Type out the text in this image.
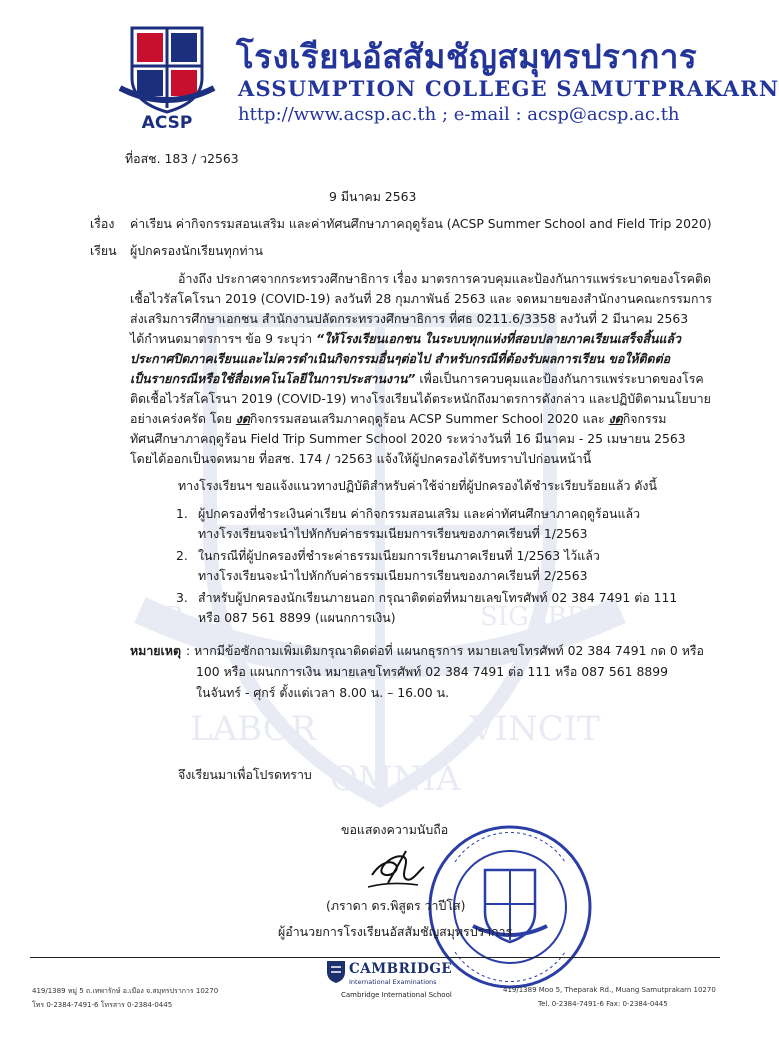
LABOR	VINCIT
OMNIA
BR	SIGABRIE
ACSP
โรงเรียนอัสสัมชัญสมุทรปราการ
ASSUMPTION COLLEGE SAMUTPRAKARN
http://www.acsp.ac.th ; e-mail : acsp@acsp.ac.th
ที่อสช. 183 / ว2563
9 มีนาคม 2563
เรื่อง ค่าเรียน ค่ากิจกรรมสอนเสริม และค่าทัศนศึกษาภาคฤดูร้อน (ACSP Summer School and Field Trip 2020)
เรียน ผู้ปกครองนักเรียนทุกท่าน
อ้างถึง ประกาศจากกระทรวงศึกษาธิการ เรื่อง มาตรการควบคุมและป้องกันการแพร่ระบาดของโรคติด
เชื้อไวรัสโคโรนา 2019 (COVID-19) ลงวันที่ 28 กุมภาพันธ์ 2563 และ จดหมายของสำนักงานคณะกรรมการ
ส่งเสริมการศึกษาเอกชน สำนักงานปลัดกระทรวงศึกษาธิการ ที่ศธ 0211.6/3358 ลงวันที่ 2 มีนาคม 2563
ได้กำหนดมาตรการฯ ข้อ 9 ระบุว่า “ให้โรงเรียนเอกชน ในระบบทุกแห่งที่สอบปลายภาคเรียนเสร็จสิ้นแล้ว
ประกาศปิดภาคเรียนและไม่ควรดำเนินกิจกรรมอื่นๆต่อไป สำหรับกรณีที่ต้องรับผลการเรียน ขอให้ติดต่อ
เป็นรายกรณีหรือใช้สื่อเทคโนโลยีในการประสานงาน” เพื่อเป็นการควบคุมและป้องกันการแพร่ระบาดของโรค
ติดเชื้อไวรัสโคโรนา 2019 (COVID-19) ทางโรงเรียนได้ตระหนักถึงมาตรการดังกล่าว และปฏิบัติตามนโยบาย
อย่างเคร่งครัด โดย งดกิจกรรมสอนเสริมภาคฤดูร้อน ACSP Summer School 2020 และ งดกิจกรรม
ทัศนศึกษาภาคฤดูร้อน Field Trip Summer School 2020 ระหว่างวันที่ 16 มีนาคม - 25 เมษายน 2563
โดยได้ออกเป็นจดหมาย ที่อสช. 174 / ว2563 แจ้งให้ผู้ปกครองได้รับทราบไปก่อนหน้านี้
ทางโรงเรียนฯ ขอแจ้งแนวทางปฏิบัติสำหรับค่าใช้จ่ายที่ผู้ปกครองได้ชำระเรียบร้อยแล้ว ดังนี้
1. ผู้ปกครองที่ชำระเงินค่าเรียน ค่ากิจกรรมสอนเสริม และค่าทัศนศึกษาภาคฤดูร้อนแล้ว
ทางโรงเรียนจะนำไปหักกับค่าธรรมเนียมการเรียนของภาคเรียนที่ 1/2563
2. ในกรณีที่ผู้ปกครองที่ชำระค่าธรรมเนียมการเรียนภาคเรียนที่ 1/2563 ไว้แล้ว
ทางโรงเรียนจะนำไปหักกับค่าธรรมเนียมการเรียนของภาคเรียนที่ 2/2563
3. สำหรับผู้ปกครองนักเรียนภายนอก กรุณาติดต่อที่หมายเลขโทรศัพท์ 02 384 7491 ต่อ 111
หรือ 087 561 8899 (แผนกการเงิน)
หมายเหตุ : หากมีข้อซักถามเพิ่มเติมกรุณาติดต่อที่ แผนกธุรการ หมายเลขโทรศัพท์ 02 384 7491 กด 0 หรือ
100 หรือ แผนกการเงิน หมายเลขโทรศัพท์ 02 384 7491 ต่อ 111 หรือ 087 561 8899
ในจันทร์ - ศุกร์ ตั้งแต่เวลา 8.00 น. – 16.00 น.
จึงเรียนมาเพื่อโปรดทราบ
ขอแสดงความนับถือ
(ภราดา ดร.พิสูตร วาปีโส)
ผู้อำนวยการโรงเรียนอัสสัมชัญสมุทรปราการ
419/1389 หมู่ 5 ถ.เทพารักษ์ อ.เมือง จ.สมุทรปราการ 10270
โทร 0-2384-7491-6 โทรสาร 0-2384-0445
CAMBRIDGE
International Examinations
Cambridge International School
419/1389 Moo 5, Theparak Rd., Muang Samutprakarn 10270
Tel. 0-2384-7491-6 Fax: 0-2384-0445
